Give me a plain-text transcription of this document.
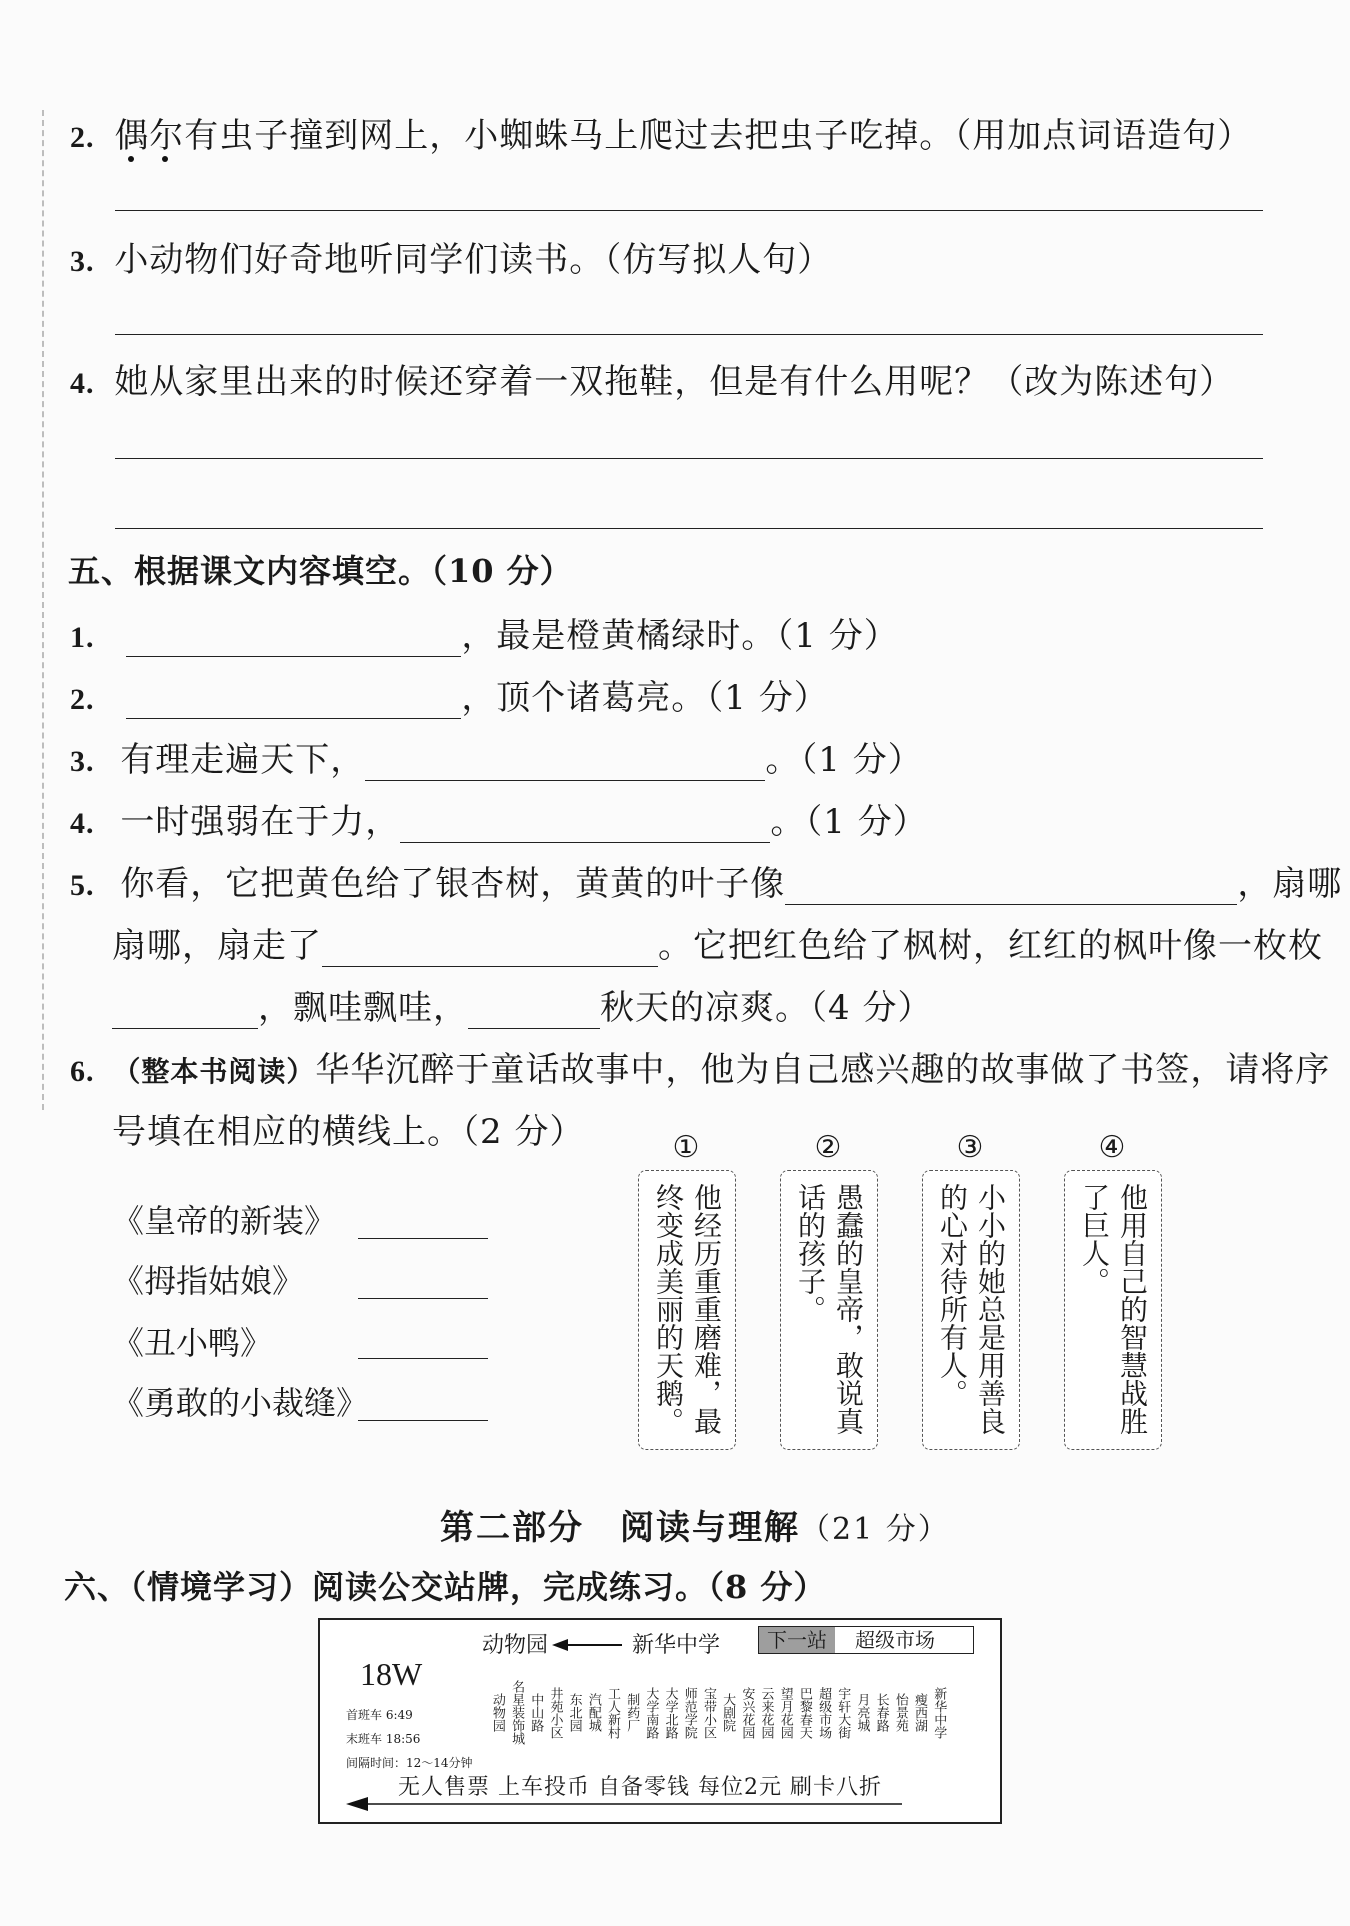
2. 偶尔有虫子撞到网上，小蜘蛛马上爬过去把虫子吃掉。（用加点词语造句）
3. 小动物们好奇地听同学们读书。（仿写拟人句）
4. 她从家里出来的时候还穿着一双拖鞋，但是有什么用呢？（改为陈述句）
五、根据课文内容填空。（10 分）
1.	，最是橙黄橘绿时。（1 分）
2.	，顶个诸葛亮。（1 分）
3. 有理走遍天下，	。（1 分）
4. 一时强弱在于力，	。（1 分）
5. 你看，它把黄色给了银杏树，黄黄的叶子像	，扇哪
扇哪，扇走了	。它把红色给了枫树，红红的枫叶像一枚枚
，飘哇飘哇，	秋天的凉爽。（4 分）
6. （整本书阅读）华华沉醉于童话故事中，他为自己感兴趣的故事做了书签，请将序
号填在相应的横线上。（2 分）
《皇帝的新装》
《拇指姑娘》
《丑小鸭》
《勇敢的小裁缝》
①
他经历重重磨难，最
终变成美丽的天鹅。
②
愚蠢的皇帝，敢说真
话的孩子。
③
小小的她总是用善良
的心对待所有人。
④
他用自己的智慧战胜
了巨人。
第二部分　阅读与理解（21 分）
六、（情境学习）阅读公交站牌，完成练习。（8 分）
18W
首班车 6:49
末班车 18:56
间隔时间：12～14分钟
动物园	新华中学	下一站	超级市场
无人售票 上车投币 自备零钱 每位2元 刷卡八折
动物园 名星装饰城 中山路 井苑小区 东北园 汽配城 工人新村 制药厂 大学南路 大学北路 师范学院 宝带小区 大剧院 安兴花园 云来花园 望月花园 巴黎春天 超级市场 宇轩大街 月亮城 长春路 怡景苑 瘦西湖 新华中学
